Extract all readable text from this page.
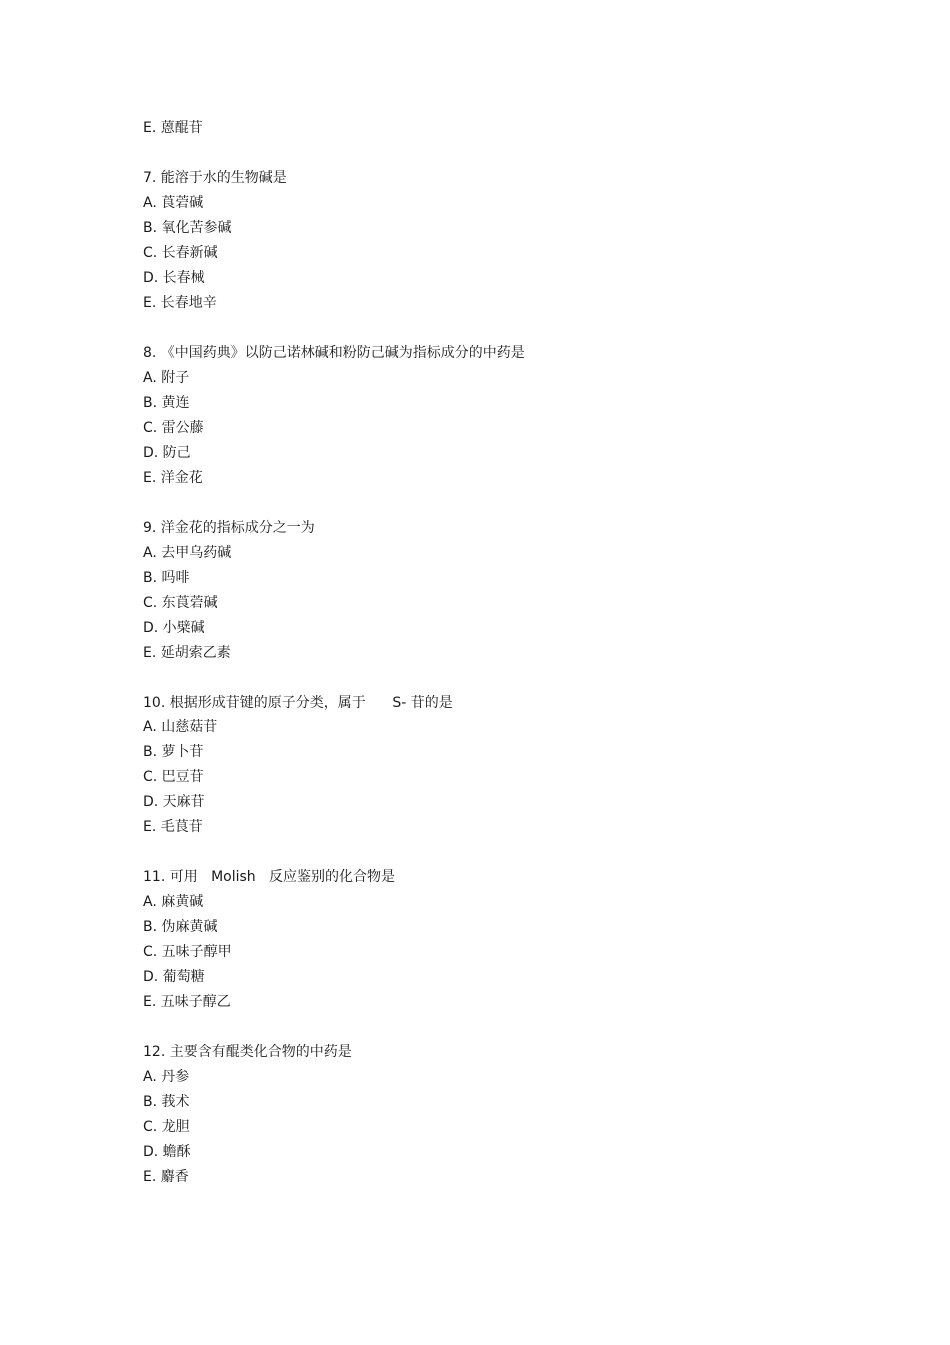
E. 蒽醌苷
7. 能溶于水的生物碱是
A. 莨菪碱
B. 氧化苦参碱
C. 长春新碱
D. 长春械
E. 长春地辛
8. 《中国药典》以防己诺林碱和粉防己碱为指标成分的中药是
A. 附子
B. 黄连
C. 雷公藤
D. 防己
E. 洋金花
9. 洋金花的指标成分之一为
A. 去甲乌药碱
B. 吗啡
C. 东莨菪碱
D. 小檗碱
E. 延胡索乙素
10. 根据形成苷键的原子分类，属于      S- 苷的是
A. 山慈菇苷
B. 萝卜苷
C. 巴豆苷
D. 天麻苷
E. 毛茛苷
11. 可用   Molish   反应鉴别的化合物是
A. 麻黄碱
B. 伪麻黄碱
C. 五味子醇甲
D. 葡萄糖
E. 五味子醇乙
12. 主要含有醌类化合物的中药是
A. 丹参
B. 莪术
C. 龙胆
D. 蟾酥
E. 麝香
